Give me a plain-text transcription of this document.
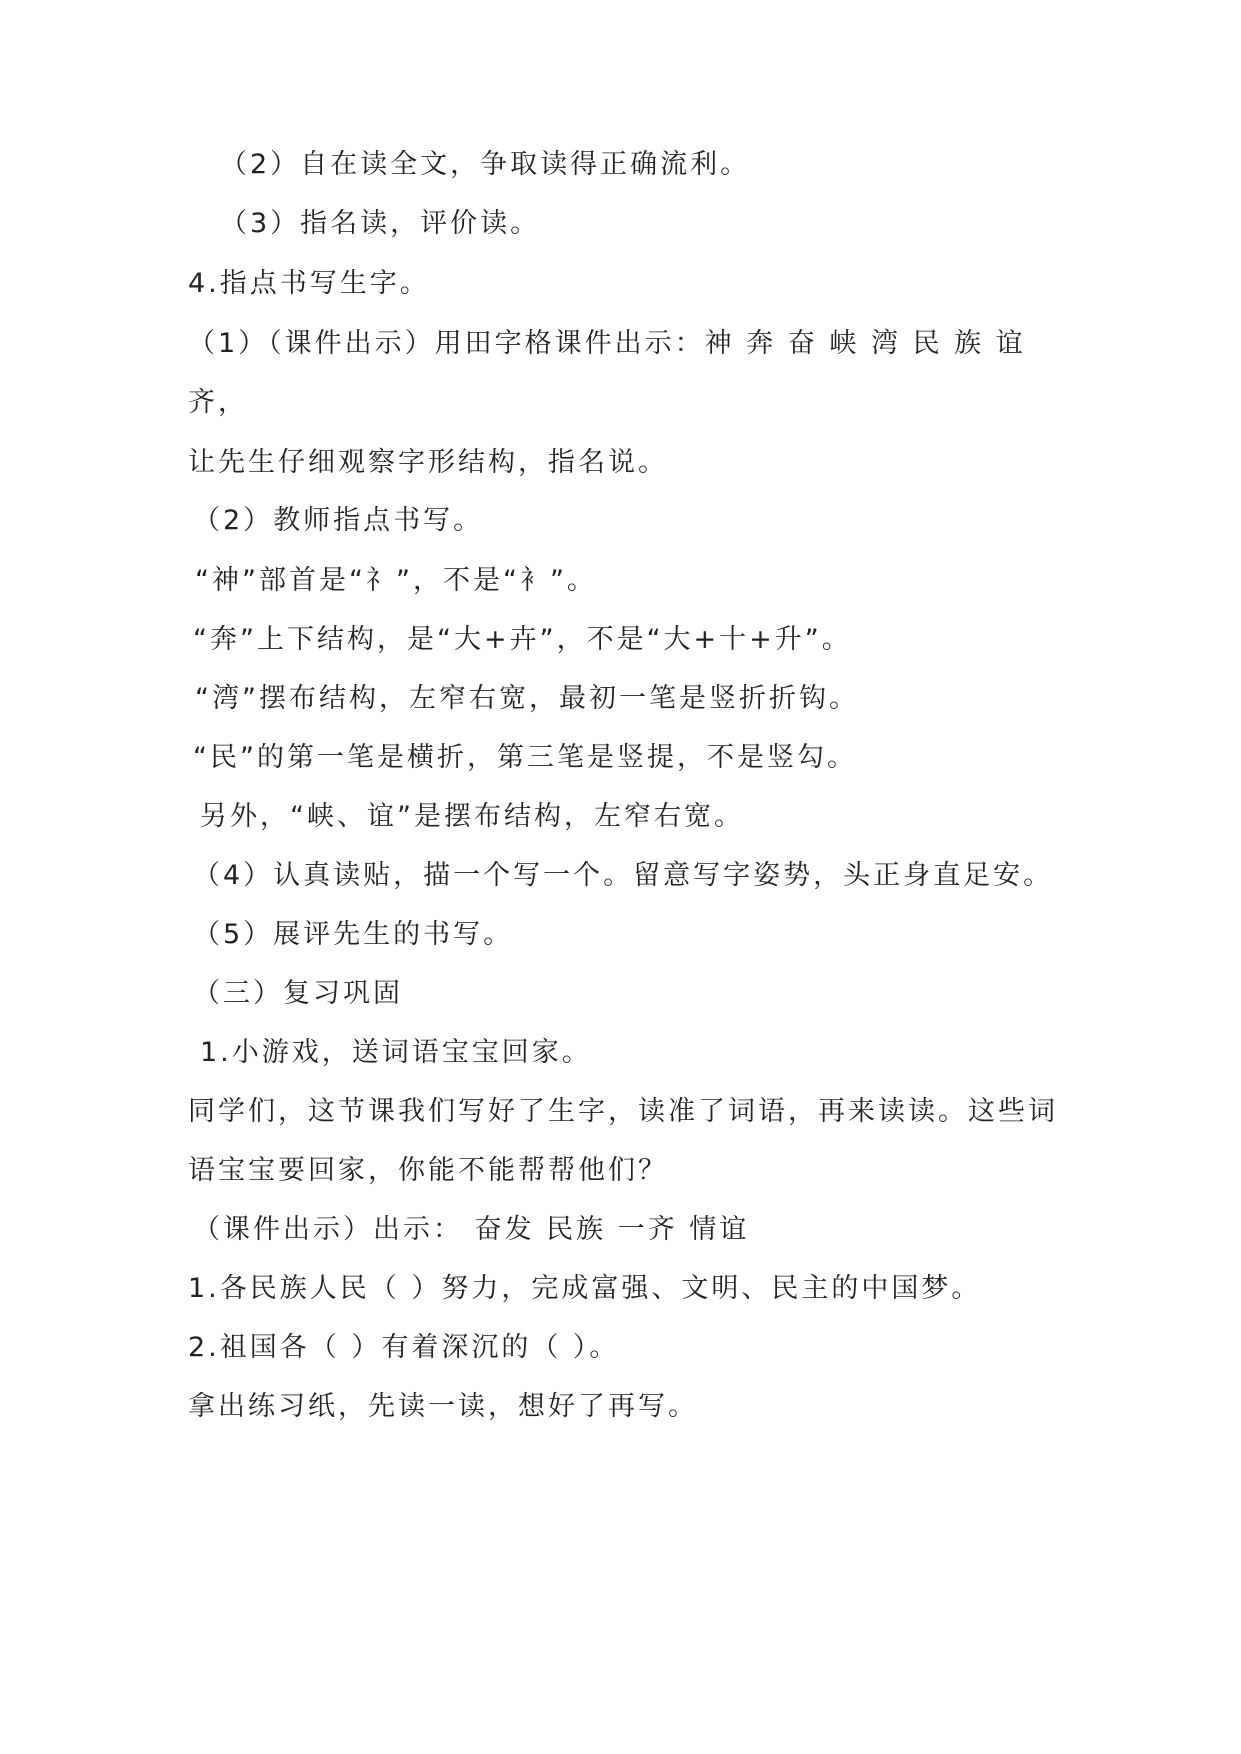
（2）自在读全文，争取读得正确流利。
（3）指名读，评价读。
4.指点书写生字。
（1）（课件出示）用田字格课件出示：神 奔 奋 峡 湾 民 族 谊
齐，
让先生仔细观察字形结构，指名说。
（2）教师指点书写。
“神”部首是“礻”，不是“衤”。
“奔”上下结构，是“大+卉”，不是“大+十+升”。
“湾”摆布结构，左窄右宽，最初一笔是竖折折钩。
“民”的第一笔是横折，第三笔是竖提，不是竖勾。
另外，“峡、谊”是摆布结构，左窄右宽。
（4）认真读贴，描一个写一个。留意写字姿势，头正身直足安。
（5）展评先生的书写。
（三）复习巩固
1.小游戏，送词语宝宝回家。
同学们，这节课我们写好了生字，读准了词语，再来读读。这些词
语宝宝要回家，你能不能帮帮他们？
（课件出示）出示： 奋发 民族 一齐 情谊
1.各民族人民（ ）努力，完成富强、文明、民主的中国梦。
2.祖国各（ ）有着深沉的（ ）。
拿出练习纸，先读一读，想好了再写。
